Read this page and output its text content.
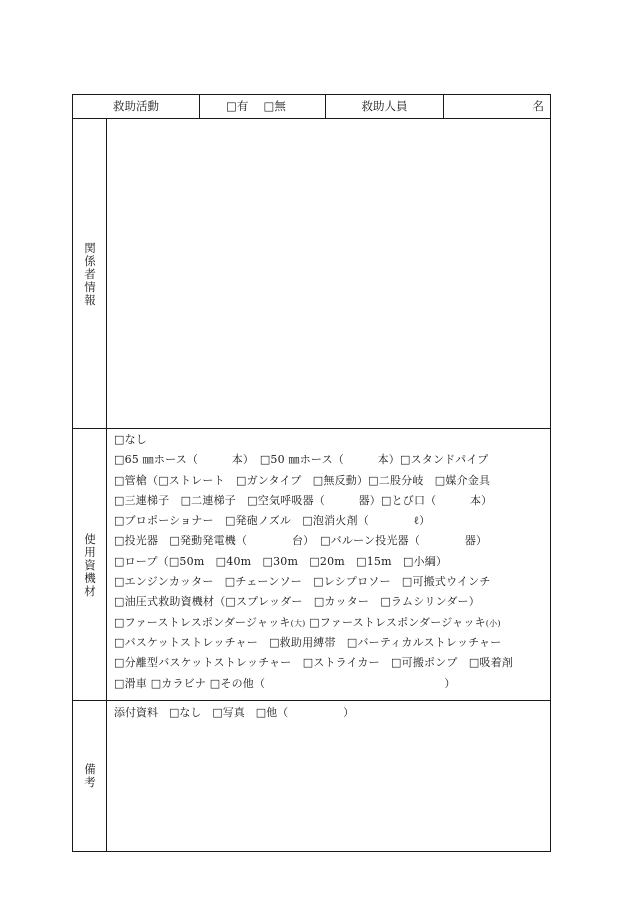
救助活動	□有　 □無	救助人員	名
関係者情報
使用資機材
□なし
□65 ㎜ホース（　　　本）　□50 ㎜ホース（　　　本）□スタンドパイプ
□管槍（□ストレート　□ガンタイプ　□無反動）□二股分岐　□媒介金具
□三連梯子　□二連梯子　□空気呼吸器（　　　器）□とび口（　　　本）
□ブロポーショナー　□発砲ノズル　□泡消火剤（　　　　ℓ）
□投光器　□発動発電機（　　　　台）　□バルーン投光器（　　　　器）
□ロープ（□50m　□40m　□30m　□20m　□15m　□小綱）
□エンジンカッター　□チェーンソー　□レシプロソー　□可搬式ウインチ
□油圧式救助資機材（□スプレッダー　□カッター　□ラムシリンダー）
□ファーストレスポンダージャッキ(大) □ファーストレスポンダージャッキ(小)
□バスケットストレッチャー　□救助用縛帯　□バーティカルストレッチャー
□分離型バスケットストレッチャー　□ストライカー　□可搬ポンプ　□吸着剤
□滑車 □カラビナ □その他（　　　　　　　　　　　　　　　　）
備考
添付資料　□なし　□写真　□他（　　　　　）
